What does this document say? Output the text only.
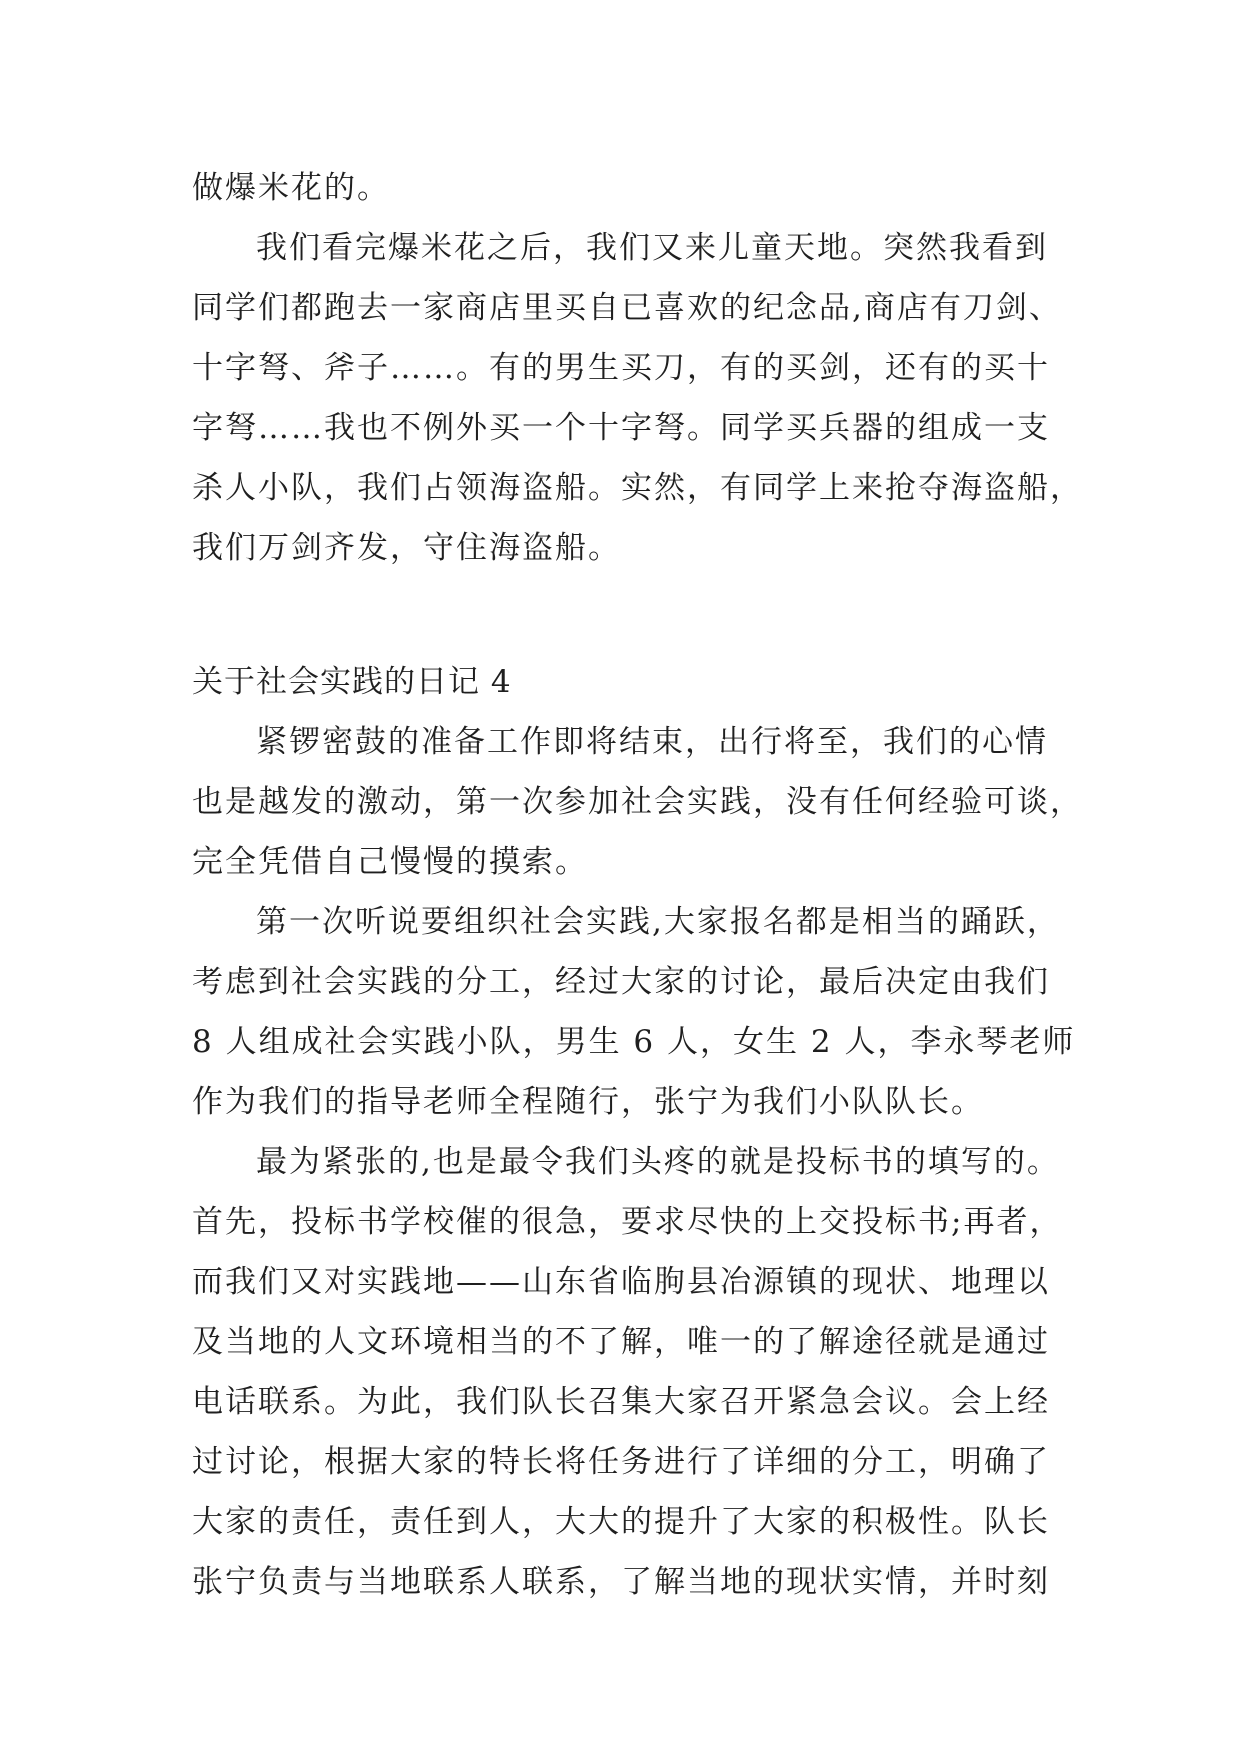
做爆米花的。
我们看完爆米花之后，我们又来儿童天地。突然我看到
同学们都跑去一家商店里买自已喜欢的纪念品,商店有刀剑、
十字弩、斧子……。有的男生买刀，有的买剑，还有的买十
字弩……我也不例外买一个十字弩。同学买兵器的组成一支
杀人小队，我们占领海盗船。实然，有同学上来抢夺海盗船，
我们万剑齐发，守住海盗船。
关于社会实践的日记 4
紧锣密鼓的准备工作即将结束，出行将至，我们的心情
也是越发的激动，第一次参加社会实践，没有任何经验可谈，
完全凭借自己慢慢的摸索。
第一次听说要组织社会实践,大家报名都是相当的踊跃，
考虑到社会实践的分工，经过大家的讨论，最后决定由我们
8 人组成社会实践小队，男生 6 人，女生 2 人，李永琴老师
作为我们的指导老师全程随行，张宁为我们小队队长。
最为紧张的,也是最令我们头疼的就是投标书的填写的。
首先，投标书学校催的很急，要求尽快的上交投标书;再者，
而我们又对实践地——山东省临朐县冶源镇的现状、地理以
及当地的人文环境相当的不了解，唯一的了解途径就是通过
电话联系。为此，我们队长召集大家召开紧急会议。会上经
过讨论，根据大家的特长将任务进行了详细的分工，明确了
大家的责任，责任到人，大大的提升了大家的积极性。队长
张宁负责与当地联系人联系，了解当地的现状实情，并时刻
